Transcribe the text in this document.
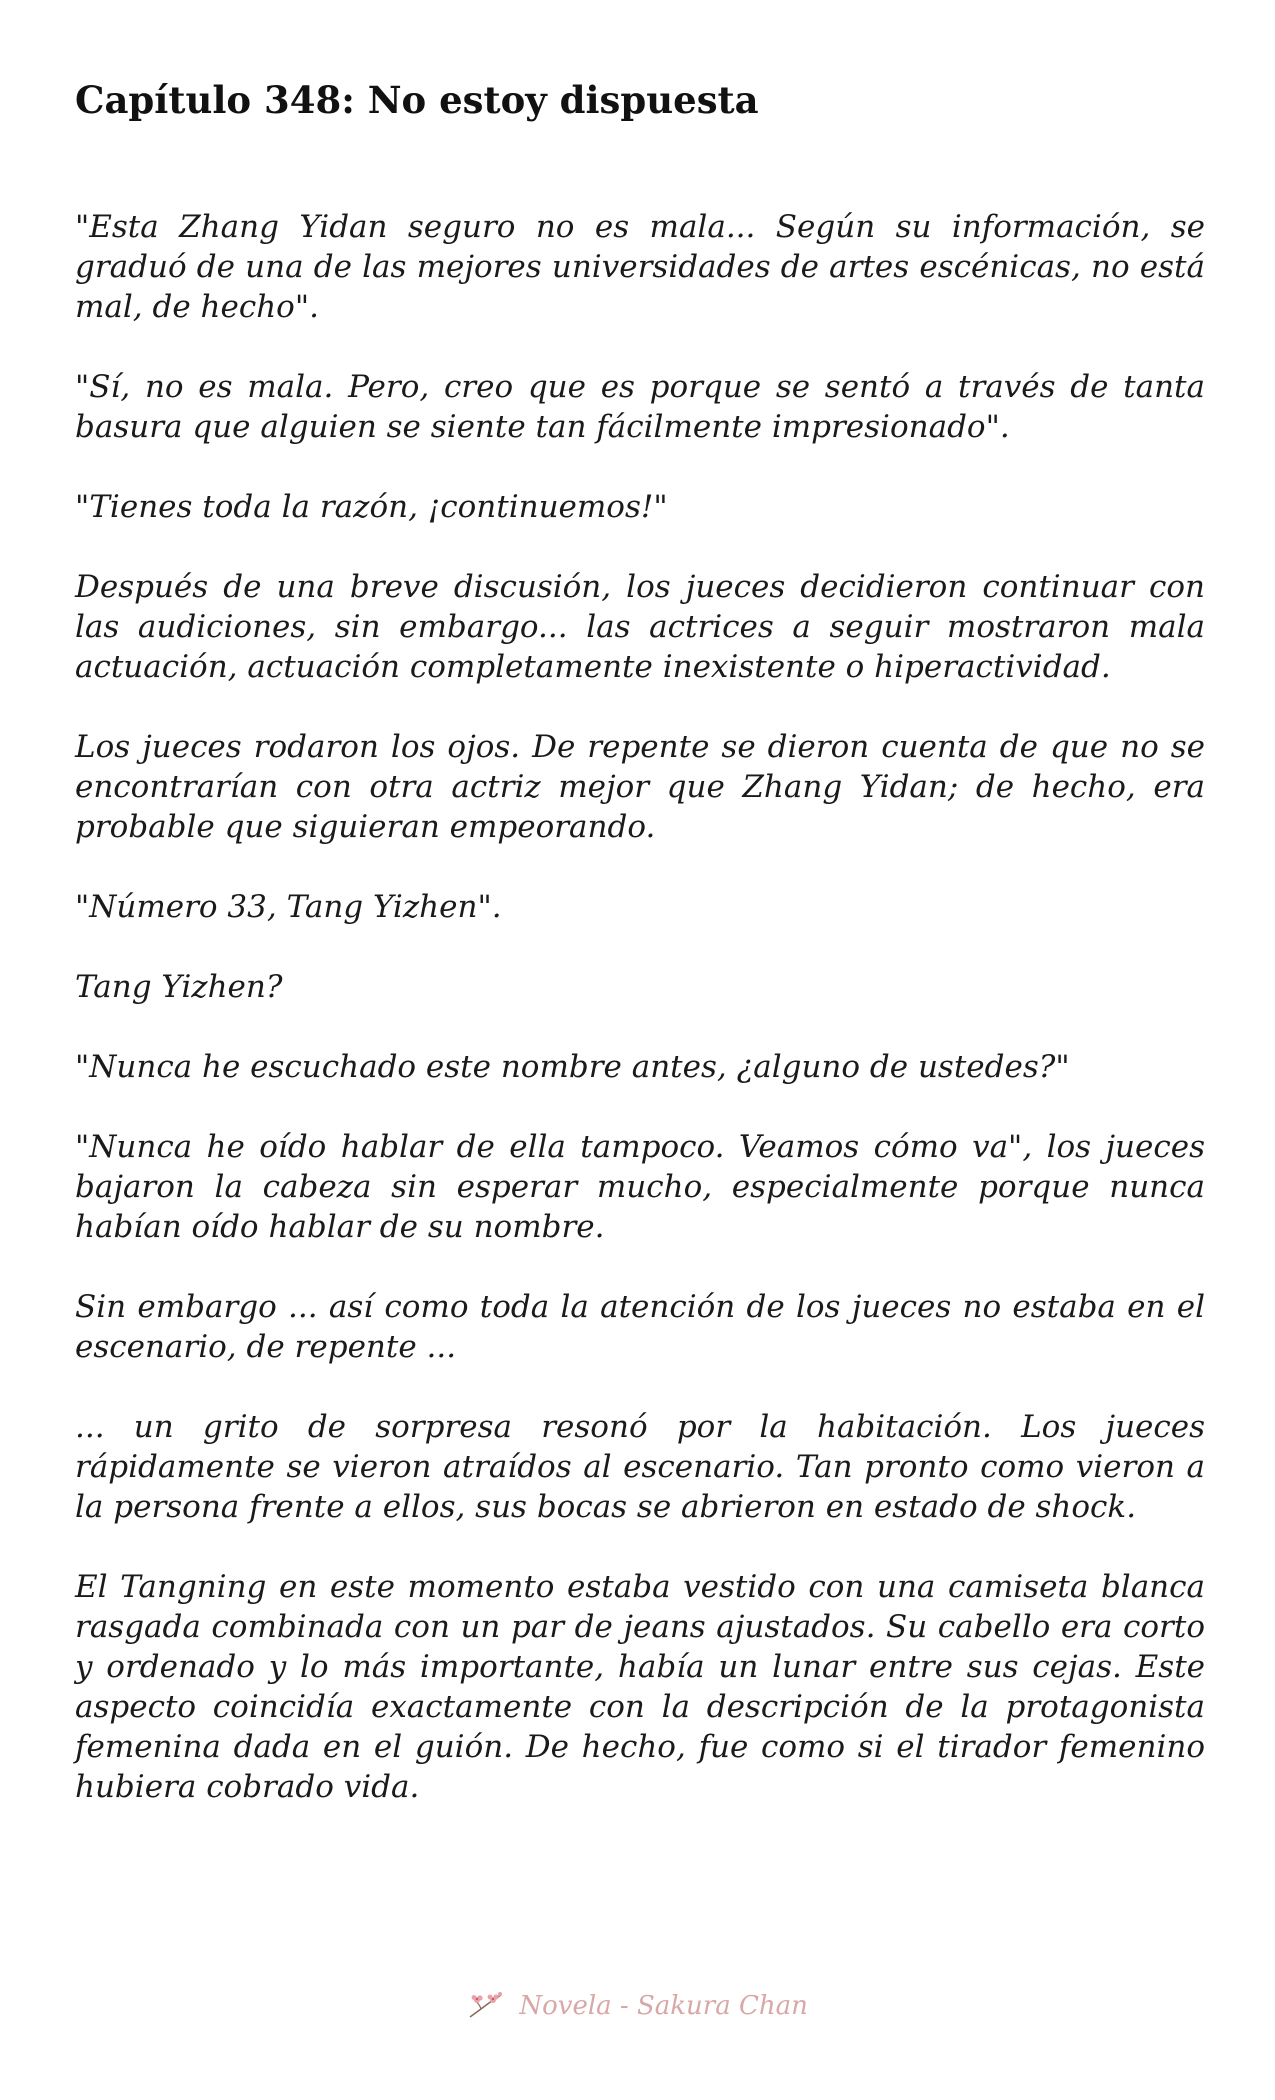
Capítulo 348: No estoy dispuesta

"Esta Zhang Yidan seguro no es mala... Según su información, se graduó de una de las mejores universidades de artes escénicas, no está mal, de hecho".

"Sí, no es mala. Pero, creo que es porque se sentó a través de tanta basura que alguien se siente tan fácilmente impresionado".

"Tienes toda la razón, ¡continuemos!"

Después de una breve discusión, los jueces decidieron continuar con las audiciones, sin embargo... las actrices a seguir mostraron mala actuación, actuación completamente inexistente o hiperactividad.

Los jueces rodaron los ojos. De repente se dieron cuenta de que no se encontrarían con otra actriz mejor que Zhang Yidan; de hecho, era probable que siguieran empeorando.

"Número 33, Tang Yizhen".

Tang Yizhen?

"Nunca he escuchado este nombre antes, ¿alguno de ustedes?"

"Nunca he oído hablar de ella tampoco. Veamos cómo va", los jueces bajaron la cabeza sin esperar mucho, especialmente porque nunca habían oído hablar de su nombre.

Sin embargo ... así como toda la atención de los jueces no estaba en el escenario, de repente ...

... un grito de sorpresa resonó por la habitación. Los jueces rápidamente se vieron atraídos al escenario. Tan pronto como vieron a la persona frente a ellos, sus bocas se abrieron en estado de shock.

El Tangning en este momento estaba vestido con una camiseta blanca rasgada combinada con un par de jeans ajustados. Su cabello era corto y ordenado y lo más importante, había un lunar entre sus cejas. Este aspecto coincidía exactamente con la descripción de la protagonista femenina dada en el guión. De hecho, fue como si el tirador femenino hubiera cobrado vida.

Novela - Sakura Chan
